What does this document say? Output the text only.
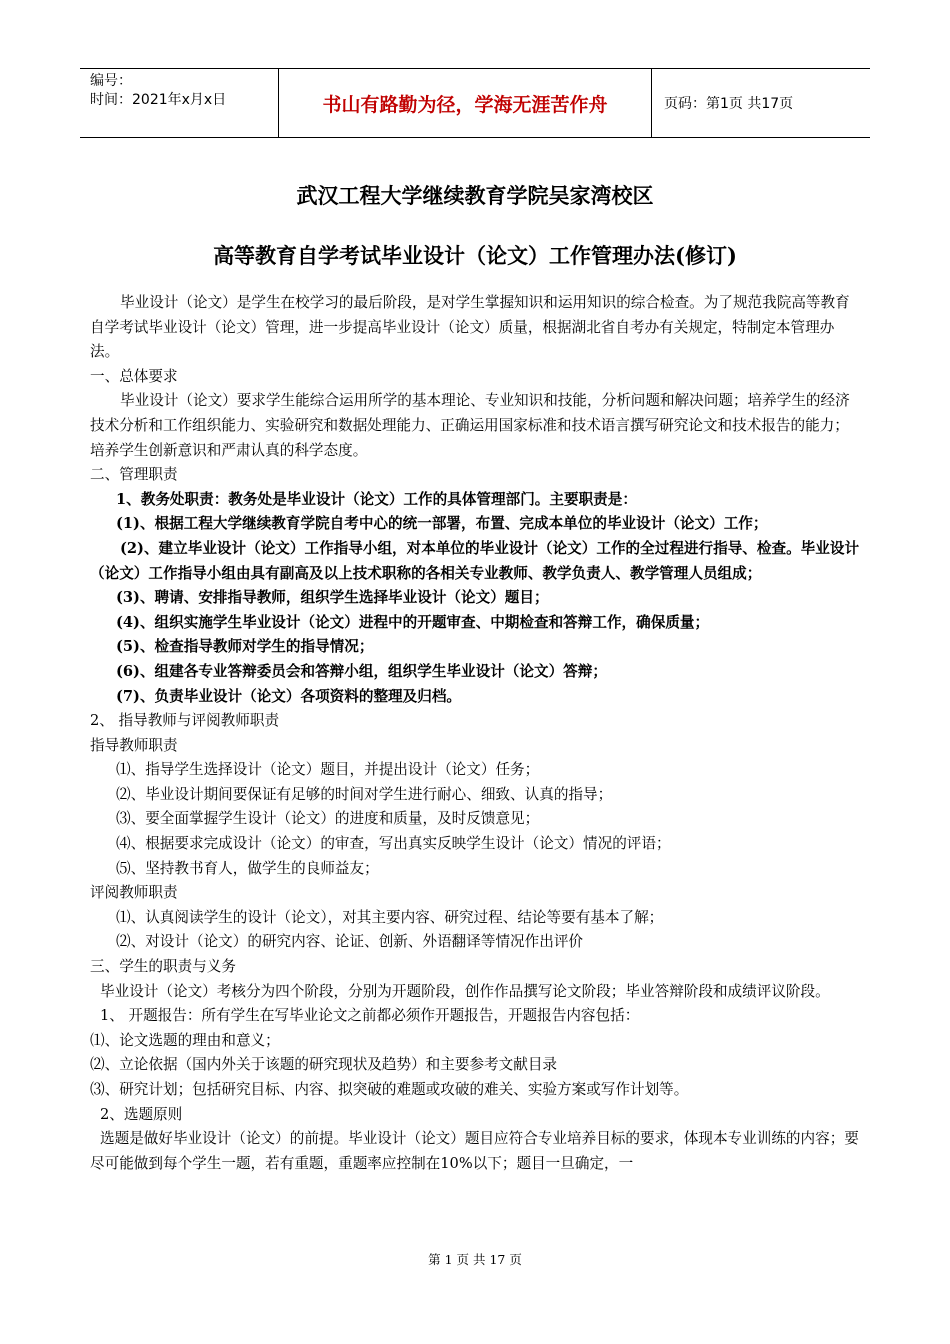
编号：
时间：2021年x月x日	书山有路勤为径，学海无涯苦作舟	页码：第1页 共17页
武汉工程大学继续教育学院吴家湾校区
高等教育自学考试毕业设计（论文）工作管理办法(修订)

毕业设计（论文）是学生在校学习的最后阶段，是对学生掌握知识和运用知识的综合检查。为了规范我院高等教育自学考试毕业设计（论文）管理，进一步提高毕业设计（论文）质量，根据湖北省自考办有关规定，特制定本管理办法。

一、总体要求

毕业设计（论文）要求学生能综合运用所学的基本理论、专业知识和技能，分析问题和解决问题；培养学生的经济技术分析和工作组织能力、实验研究和数据处理能力、正确运用国家标准和技术语言撰写研究论文和技术报告的能力；培养学生创新意识和严肃认真的科学态度。

二、管理职责

1、教务处职责：教务处是毕业设计（论文）工作的具体管理部门。主要职责是：

(1)、根据工程大学继续教育学院自考中心的统一部署，布置、完成本单位的毕业设计（论文）工作；

(2)、建立毕业设计（论文）工作指导小组，对本单位的毕业设计（论文）工作的全过程进行指导、检查。毕业设计（论文）工作指导小组由具有副高及以上技术职称的各相关专业教师、教学负责人、教学管理人员组成；

(3)、聘请、安排指导教师，组织学生选择毕业设计（论文）题目；

(4)、组织实施学生毕业设计（论文）进程中的开题审查、中期检查和答辩工作，确保质量；

(5)、检查指导教师对学生的指导情况；

(6)、组建各专业答辩委员会和答辩小组，组织学生毕业设计（论文）答辩；

(7)、负责毕业设计（论文）各项资料的整理及归档。

2、 指导教师与评阅教师职责

指导教师职责

⑴、指导学生选择设计（论文）题目，并提出设计（论文）任务；

⑵、毕业设计期间要保证有足够的时间对学生进行耐心、细致、认真的指导；

⑶、要全面掌握学生设计（论文）的进度和质量，及时反馈意见；

⑷、根据要求完成设计（论文）的审查，写出真实反映学生设计（论文）情况的评语；

⑸、坚持教书育人，做学生的良师益友；

评阅教师职责

⑴、认真阅读学生的设计（论文），对其主要内容、研究过程、结论等要有基本了解；

⑵、对设计（论文）的研究内容、论证、创新、外语翻译等情况作出评价

三、学生的职责与义务

毕业设计（论文）考核分为四个阶段，分别为开题阶段，创作作品撰写论文阶段；毕业答辩阶段和成绩评议阶段。

1、 开题报告：所有学生在写毕业论文之前都必须作开题报告，开题报告内容包括：

⑴、论文选题的理由和意义；

⑵、立论依据（国内外关于该题的研究现状及趋势）和主要参考文献目录

⑶、研究计划；包括研究目标、内容、拟突破的难题或攻破的难关、实验方案或写作计划等。

2、选题原则

选题是做好毕业设计（论文）的前提。毕业设计（论文）题目应符合专业培养目标的要求，体现本专业训练的内容；要尽可能做到每个学生一题，若有重题，重题率应控制在10%以下；题目一旦确定，一

第 1 页 共 17 页
